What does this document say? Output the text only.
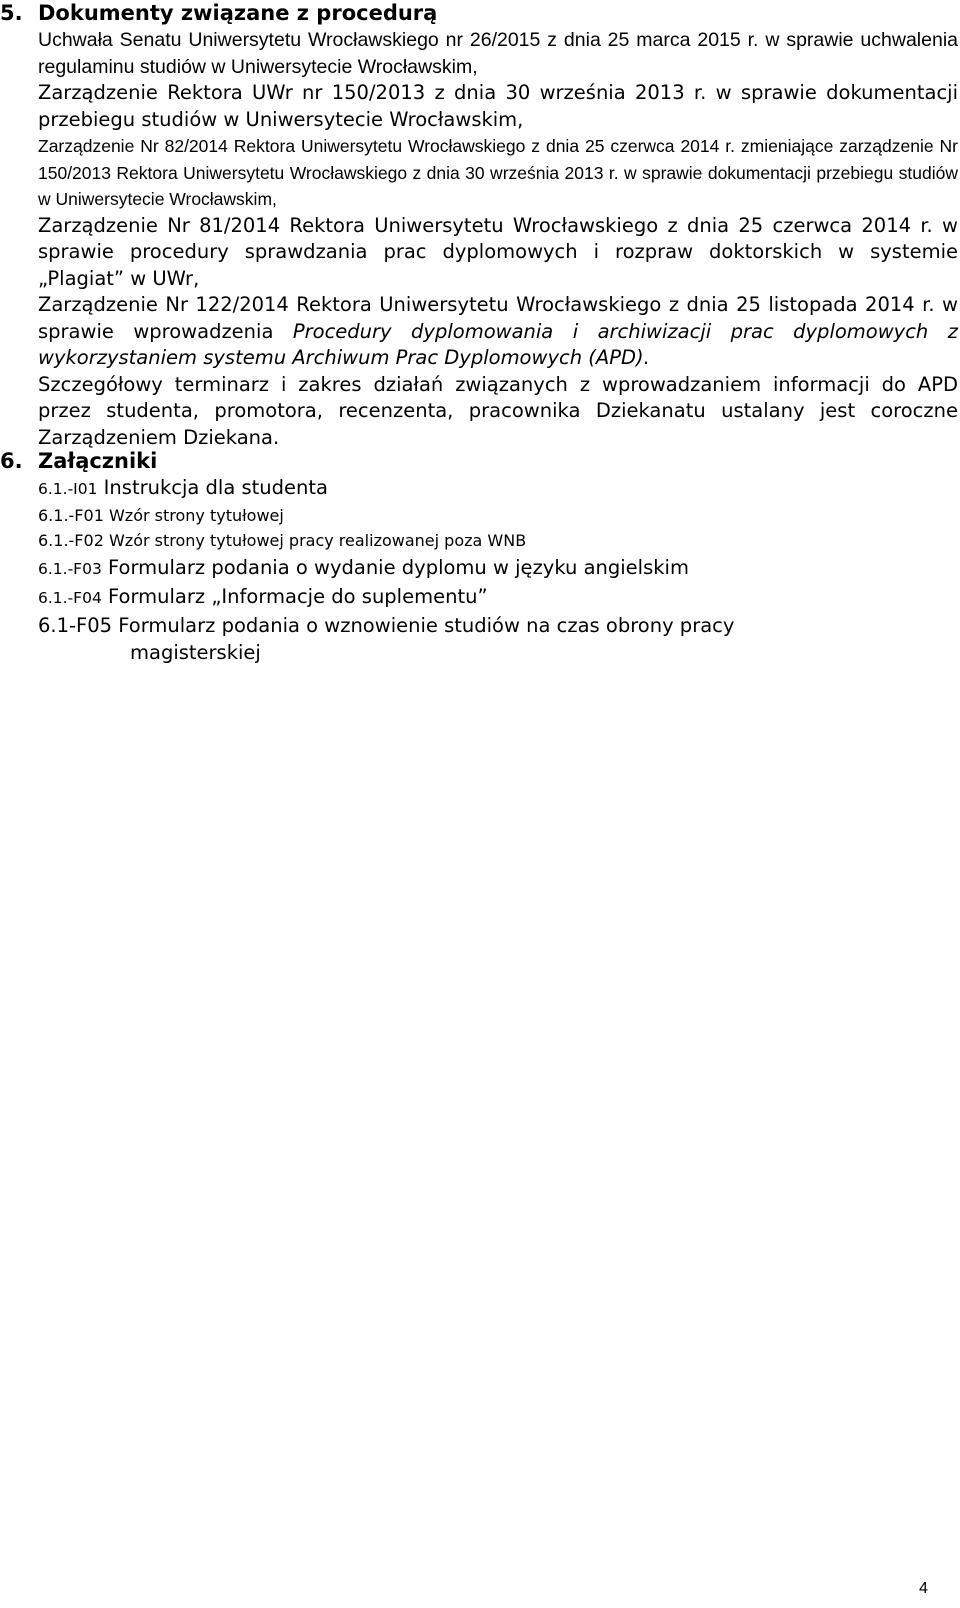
5. Dokumenty związane z procedurą

Uchwała Senatu Uniwersytetu Wrocławskiego nr 26/2015 z dnia 25 marca 2015 r. w sprawie uchwalenia regulaminu studiów w Uniwersytecie Wrocławskim,

Zarządzenie Rektora UWr nr 150/2013 z dnia 30 września 2013 r. w sprawie dokumentacji przebiegu studiów w Uniwersytecie Wrocławskim,

Zarządzenie Nr 82/2014 Rektora Uniwersytetu Wrocławskiego z dnia 25 czerwca 2014 r. zmieniające zarządzenie Nr 150/2013 Rektora Uniwersytetu Wrocławskiego z dnia 30 września 2013 r. w sprawie dokumentacji przebiegu studiów w Uniwersytecie Wrocławskim,

Zarządzenie Nr 81/2014 Rektora Uniwersytetu Wrocławskiego z dnia 25 czerwca 2014 r. w sprawie procedury sprawdzania prac dyplomowych i rozpraw doktorskich w systemie „Plagiat” w UWr,

Zarządzenie Nr 122/2014 Rektora Uniwersytetu Wrocławskiego z dnia 25 listopada 2014 r. w sprawie wprowadzenia Procedury dyplomowania i archiwizacji prac dyplomowych z wykorzystaniem systemu Archiwum Prac Dyplomowych (APD).

Szczegółowy terminarz i zakres działań związanych z wprowadzaniem informacji do APD przez studenta, promotora, recenzenta, pracownika Dziekanatu ustalany jest coroczne Zarządzeniem Dziekana.

6. Załączniki
6.1.-I01 Instrukcja dla studenta
6.1.-F01 Wzór strony tytułowej
6.1.-F02 Wzór strony tytułowej pracy realizowanej poza WNB
6.1.-F03 Formularz podania o wydanie dyplomu w języku angielskim
6.1.-F04 Formularz „Informacje do suplementu”
6.1-F05 Formularz podania o wznowienie studiów na czas obrony pracy
magisterskiej
4
